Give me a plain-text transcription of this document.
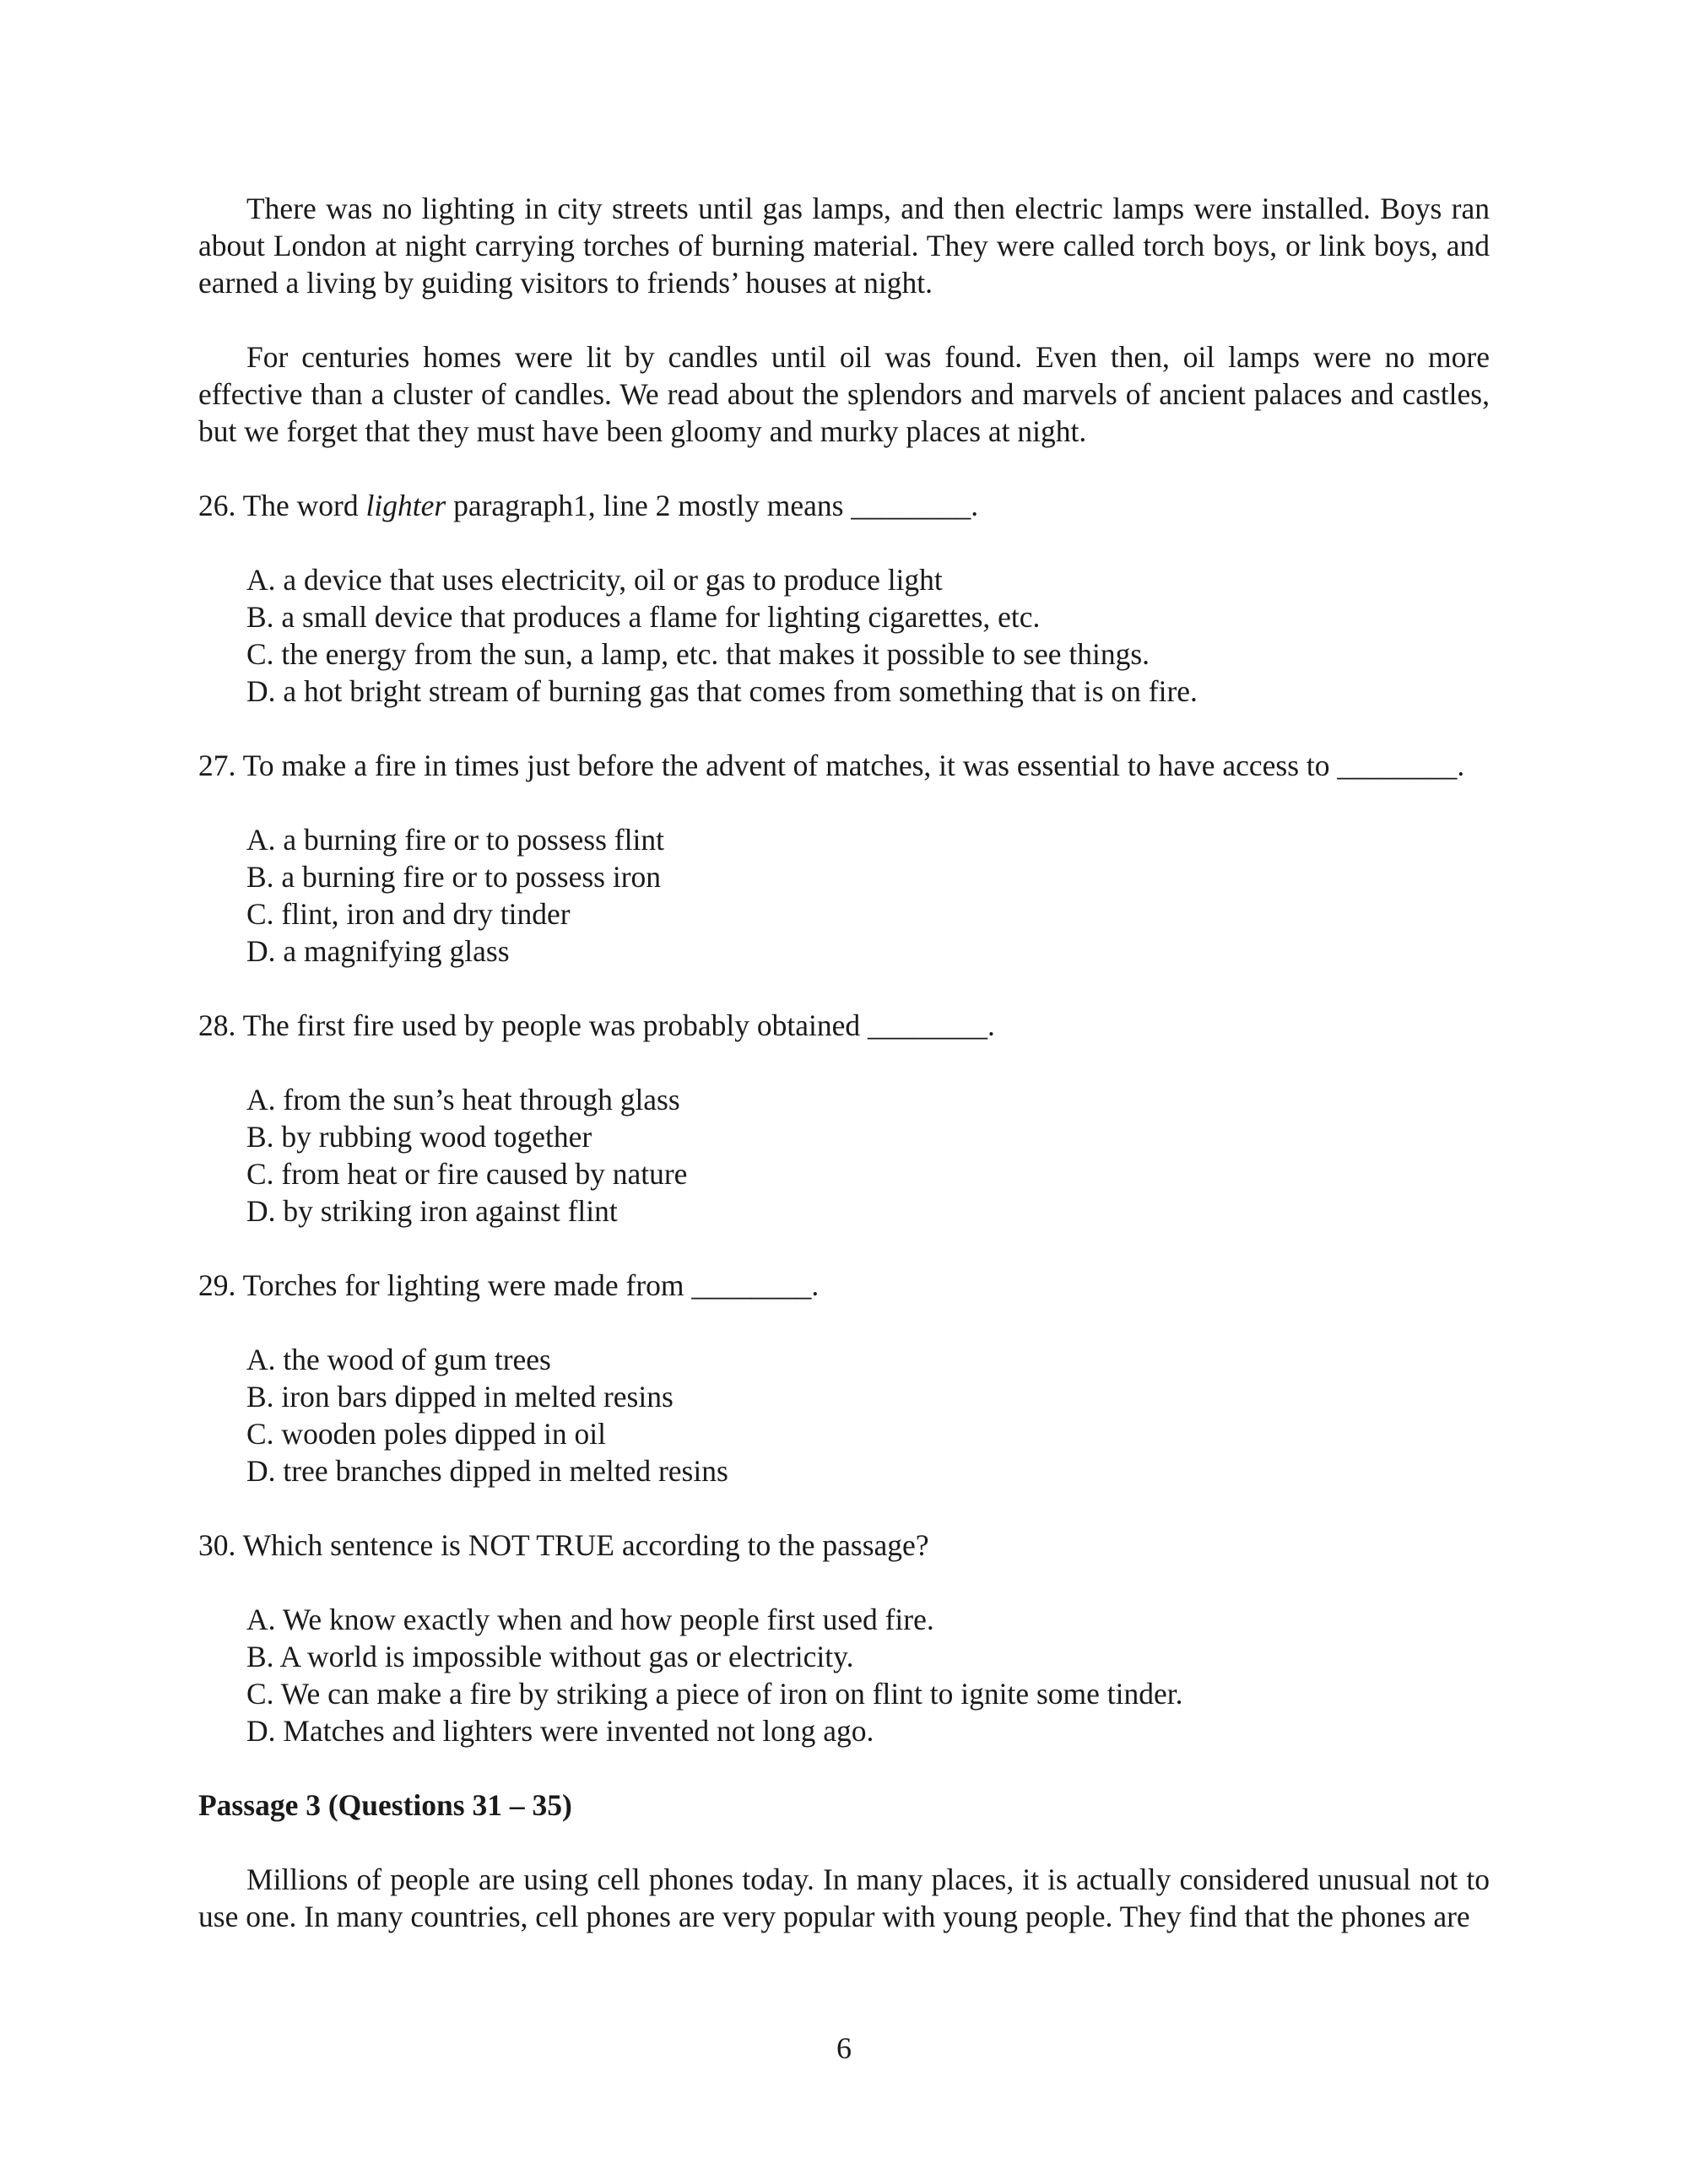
There was no lighting in city streets until gas lamps, and then electric lamps were installed. Boys ran about London at night carrying torches of burning material. They were called torch boys, or link boys, and earned a living by guiding visitors to friends’ houses at night.

For centuries homes were lit by candles until oil was found. Even then, oil lamps were no more effective than a cluster of candles. We read about the splendors and marvels of ancient palaces and castles, but we forget that they must have been gloomy and murky places at night.

26. The word lighter paragraph1, line 2 mostly means ________.

A. a device that uses electricity, oil or gas to produce light
B. a small device that produces a flame for lighting cigarettes, etc.
C. the energy from the sun, a lamp, etc. that makes it possible to see things.
D. a hot bright stream of burning gas that comes from something that is on fire.

27. To make a fire in times just before the advent of matches, it was essential to have access to ________.

A. a burning fire or to possess flint
B. a burning fire or to possess iron
C. flint, iron and dry tinder
D. a magnifying glass

28. The first fire used by people was probably obtained ________.

A. from the sun’s heat through glass
B. by rubbing wood together
C. from heat or fire caused by nature
D. by striking iron against flint

29. Torches for lighting were made from ________.

A. the wood of gum trees
B. iron bars dipped in melted resins
C. wooden poles dipped in oil
D. tree branches dipped in melted resins

30. Which sentence is NOT TRUE according to the passage?

A. We know exactly when and how people first used fire.
B. A world is impossible without gas or electricity.
C. We can make a fire by striking a piece of iron on flint to ignite some tinder.
D. Matches and lighters were invented not long ago.

Passage 3 (Questions 31 – 35)

Millions of people are using cell phones today. In many places, it is actually considered unusual not to use one. In many countries, cell phones are very popular with young people. They find that the phones are

6
